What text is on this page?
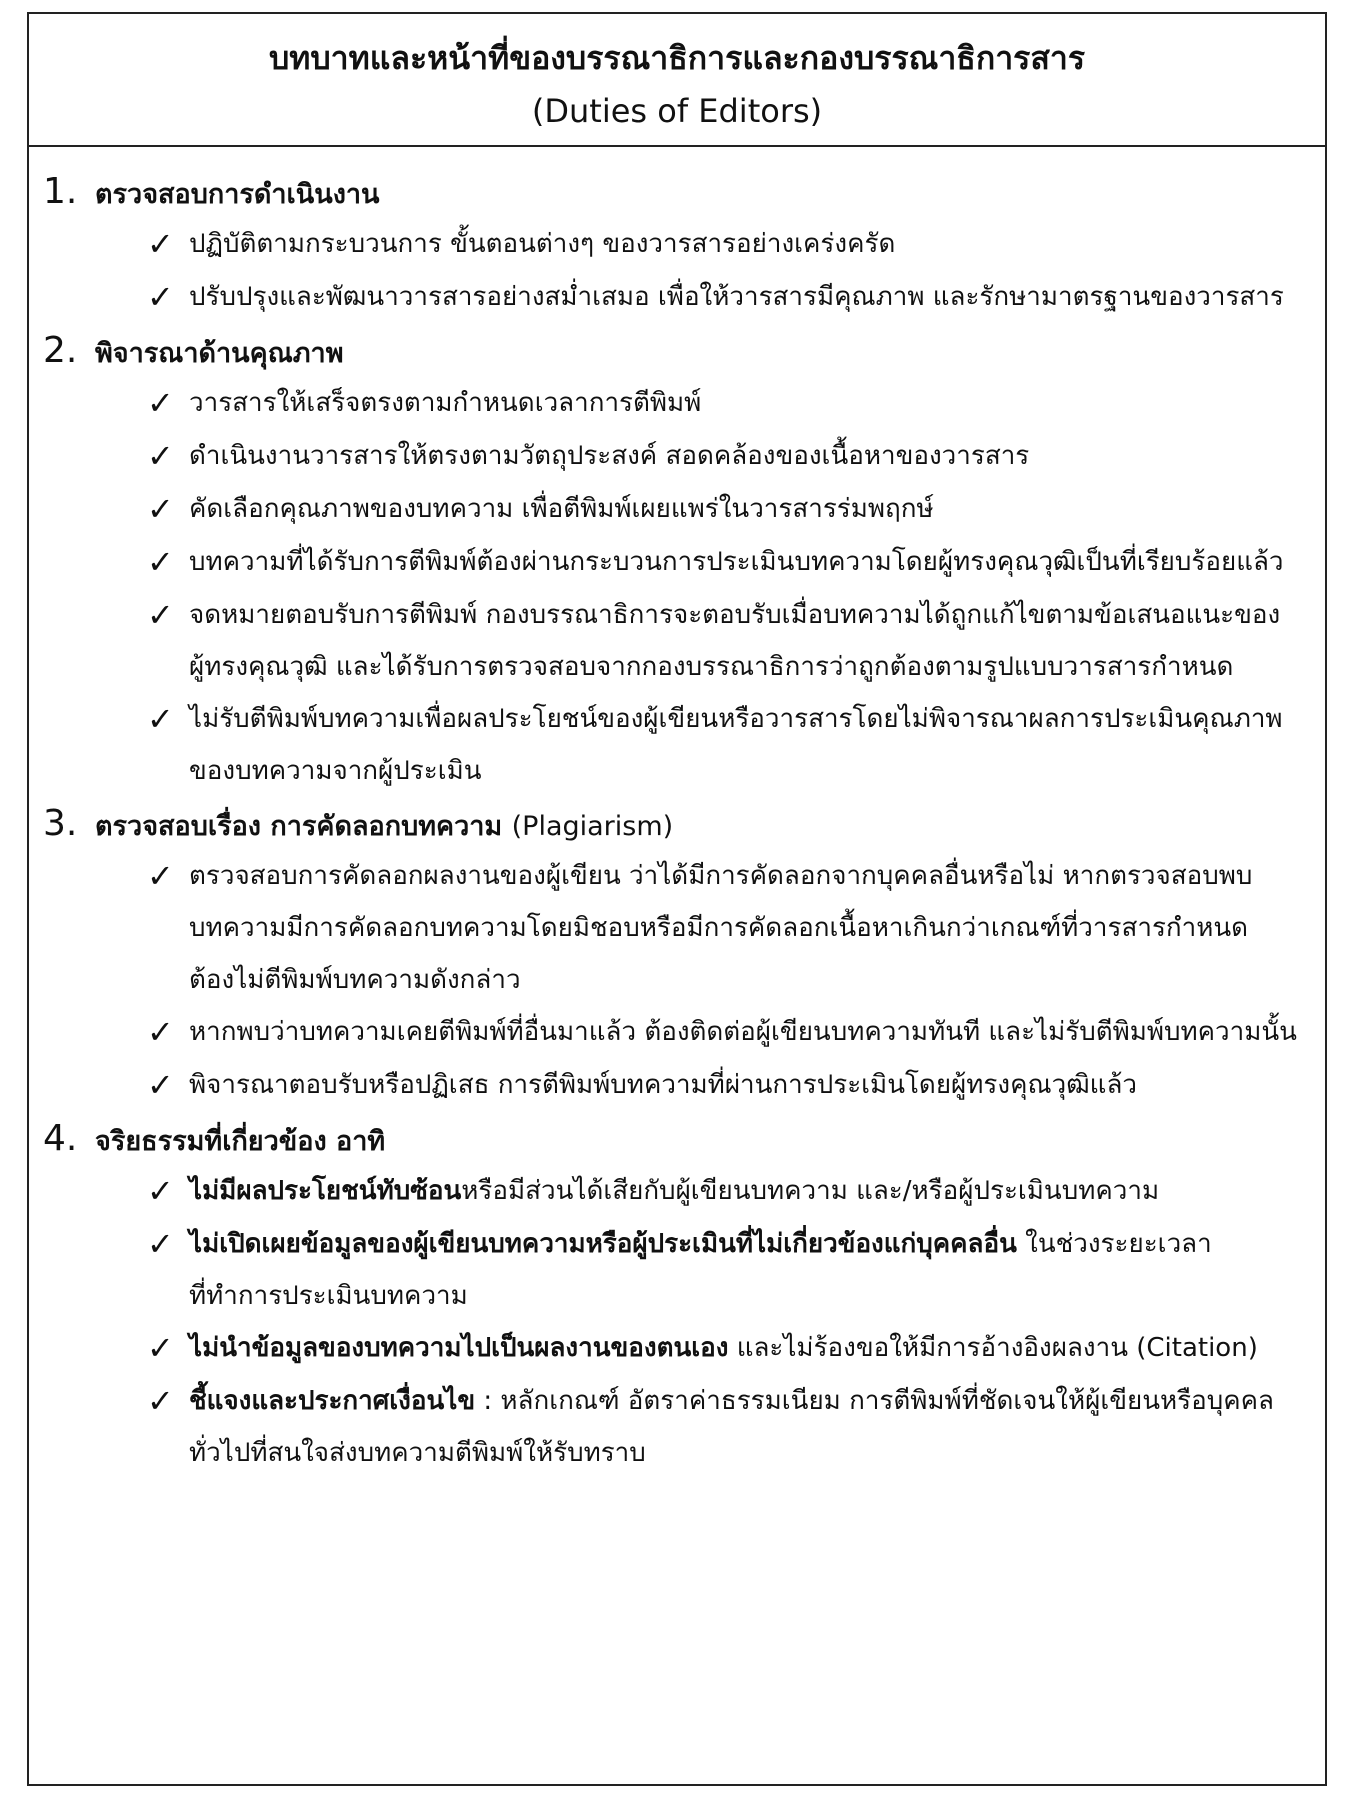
บทบาทและหน้าที่ของบรรณาธิการและกองบรรณาธิการสาร
(Duties of Editors)
1. ตรวจสอบการดำเนินงาน
✓ ปฏิบัติตามกระบวนการ ขั้นตอนต่างๆ ของวารสารอย่างเคร่งครัด
✓ ปรับปรุงและพัฒนาวารสารอย่างสม่ำเสมอ เพื่อให้วารสารมีคุณภาพ และรักษามาตรฐานของวารสาร
2. พิจารณาด้านคุณภาพ
✓ วารสารให้เสร็จตรงตามกำหนดเวลาการตีพิมพ์
✓ ดำเนินงานวารสารให้ตรงตามวัตถุประสงค์ สอดคล้องของเนื้อหาของวารสาร
✓ คัดเลือกคุณภาพของบทความ เพื่อตีพิมพ์เผยแพร่ในวารสารร่มพฤกษ์
✓ บทความที่ได้รับการตีพิมพ์ต้องผ่านกระบวนการประเมินบทความโดยผู้ทรงคุณวุฒิเป็นที่เรียบร้อยแล้ว
✓ จดหมายตอบรับการตีพิมพ์ กองบรรณาธิการจะตอบรับเมื่อบทความได้ถูกแก้ไขตามข้อเสนอแนะของผู้ทรงคุณวุฒิ และได้รับการตรวจสอบจากกองบรรณาธิการว่าถูกต้องตามรูปแบบวารสารกำหนด
✓ ไม่รับตีพิมพ์บทความเพื่อผลประโยชน์ของผู้เขียนหรือวารสารโดยไม่พิจารณาผลการประเมินคุณภาพของบทความจากผู้ประเมิน
3. ตรวจสอบเรื่อง การคัดลอกบทความ (Plagiarism)
✓ ตรวจสอบการคัดลอกผลงานของผู้เขียน ว่าได้มีการคัดลอกจากบุคคลอื่นหรือไม่ หากตรวจสอบพบบทความมีการคัดลอกบทความโดยมิชอบหรือมีการคัดลอกเนื้อหาเกินกว่าเกณฑ์ที่วารสารกำหนด ต้องไม่ตีพิมพ์บทความดังกล่าว
✓ หากพบว่าบทความเคยตีพิมพ์ที่อื่นมาแล้ว ต้องติดต่อผู้เขียนบทความทันที และไม่รับตีพิมพ์บทความนั้น
✓ พิจารณาตอบรับหรือปฏิเสธ การตีพิมพ์บทความที่ผ่านการประเมินโดยผู้ทรงคุณวุฒิแล้ว
4. จริยธรรมที่เกี่ยวข้อง อาทิ
✓ ไม่มีผลประโยชน์ทับซ้อนหรือมีส่วนได้เสียกับผู้เขียนบทความ และ/หรือผู้ประเมินบทความ
✓ ไม่เปิดเผยข้อมูลของผู้เขียนบทความหรือผู้ประเมินที่ไม่เกี่ยวข้องแก่บุคคลอื่น ในช่วงระยะเวลาที่ทำการประเมินบทความ
✓ ไม่นำข้อมูลของบทความไปเป็นผลงานของตนเอง และไม่ร้องขอให้มีการอ้างอิงผลงาน (Citation)
✓ ชี้แจงและประกาศเงื่อนไข : หลักเกณฑ์ อัตราค่าธรรมเนียม การตีพิมพ์ที่ชัดเจนให้ผู้เขียนหรือบุคคลทั่วไปที่สนใจส่งบทความตีพิมพ์ให้รับทราบ
